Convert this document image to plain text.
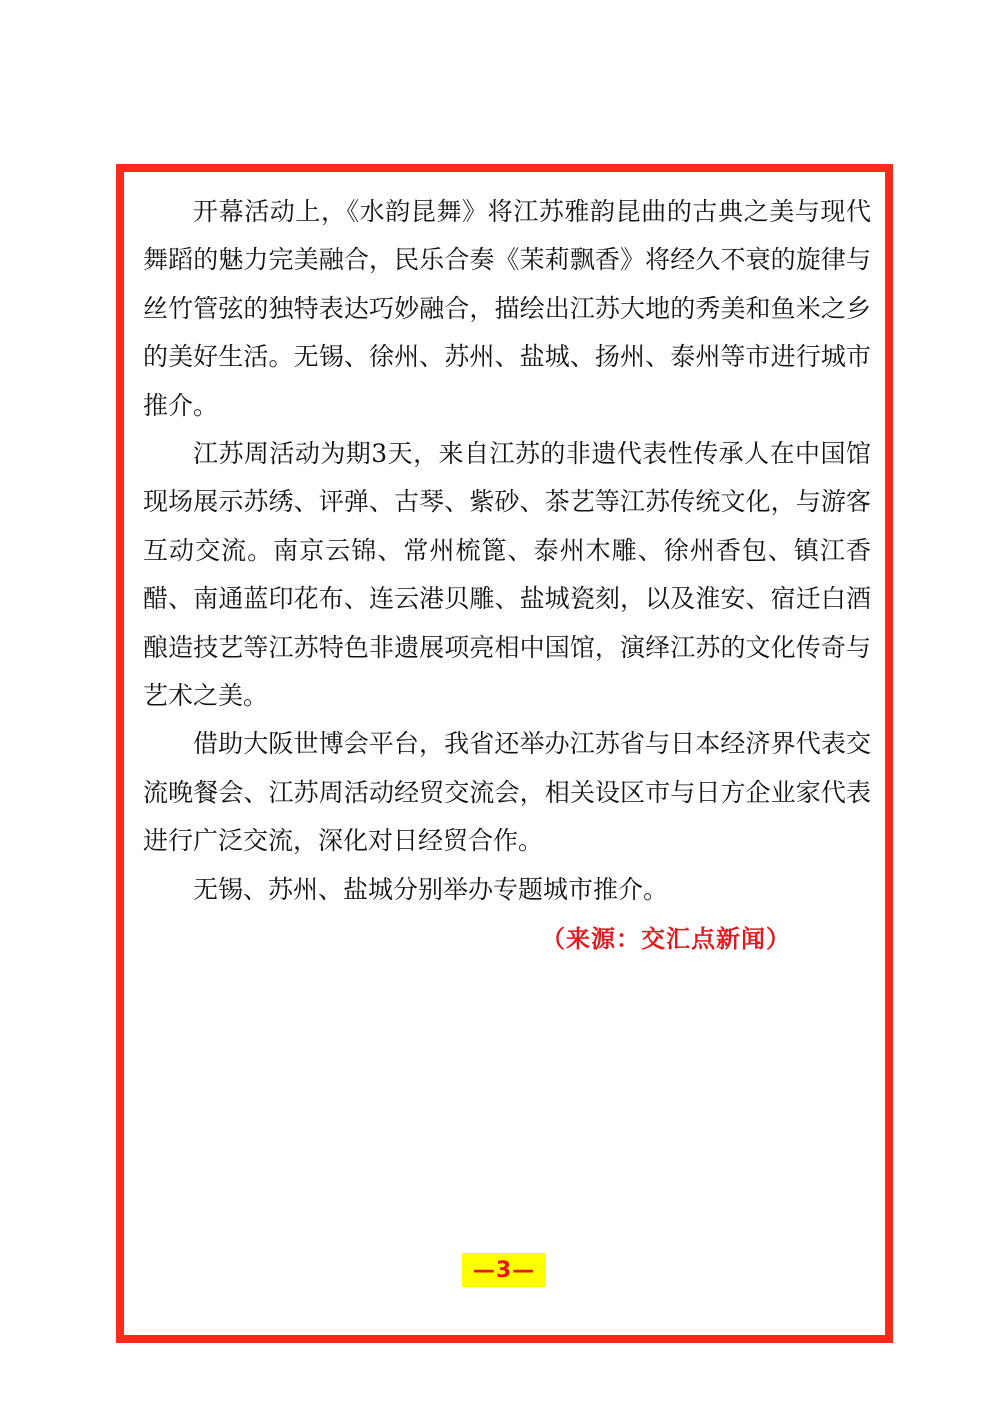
开幕活动上，《水韵昆舞》将江苏雅韵昆曲的古典之美与现代舞蹈的魅力完美融合，民乐合奏《茉莉飘香》将经久不衰的旋律与丝竹管弦的独特表达巧妙融合，描绘出江苏大地的秀美和鱼米之乡的美好生活。无锡、徐州、苏州、盐城、扬州、泰州等市进行城市推介。

江苏周活动为期3天，来自江苏的非遗代表性传承人在中国馆现场展示苏绣、评弹、古琴、紫砂、茶艺等江苏传统文化，与游客互动交流。南京云锦、常州梳篦、泰州木雕、徐州香包、镇江香醋、南通蓝印花布、连云港贝雕、盐城瓷刻，以及淮安、宿迁白酒酿造技艺等江苏特色非遗展项亮相中国馆，演绎江苏的文化传奇与艺术之美。

借助大阪世博会平台，我省还举办江苏省与日本经济界代表交流晚餐会、江苏周活动经贸交流会，相关设区市与日方企业家代表进行广泛交流，深化对日经贸合作。

无锡、苏州、盐城分别举办专题城市推介。

（来源：交汇点新闻）

—3—
